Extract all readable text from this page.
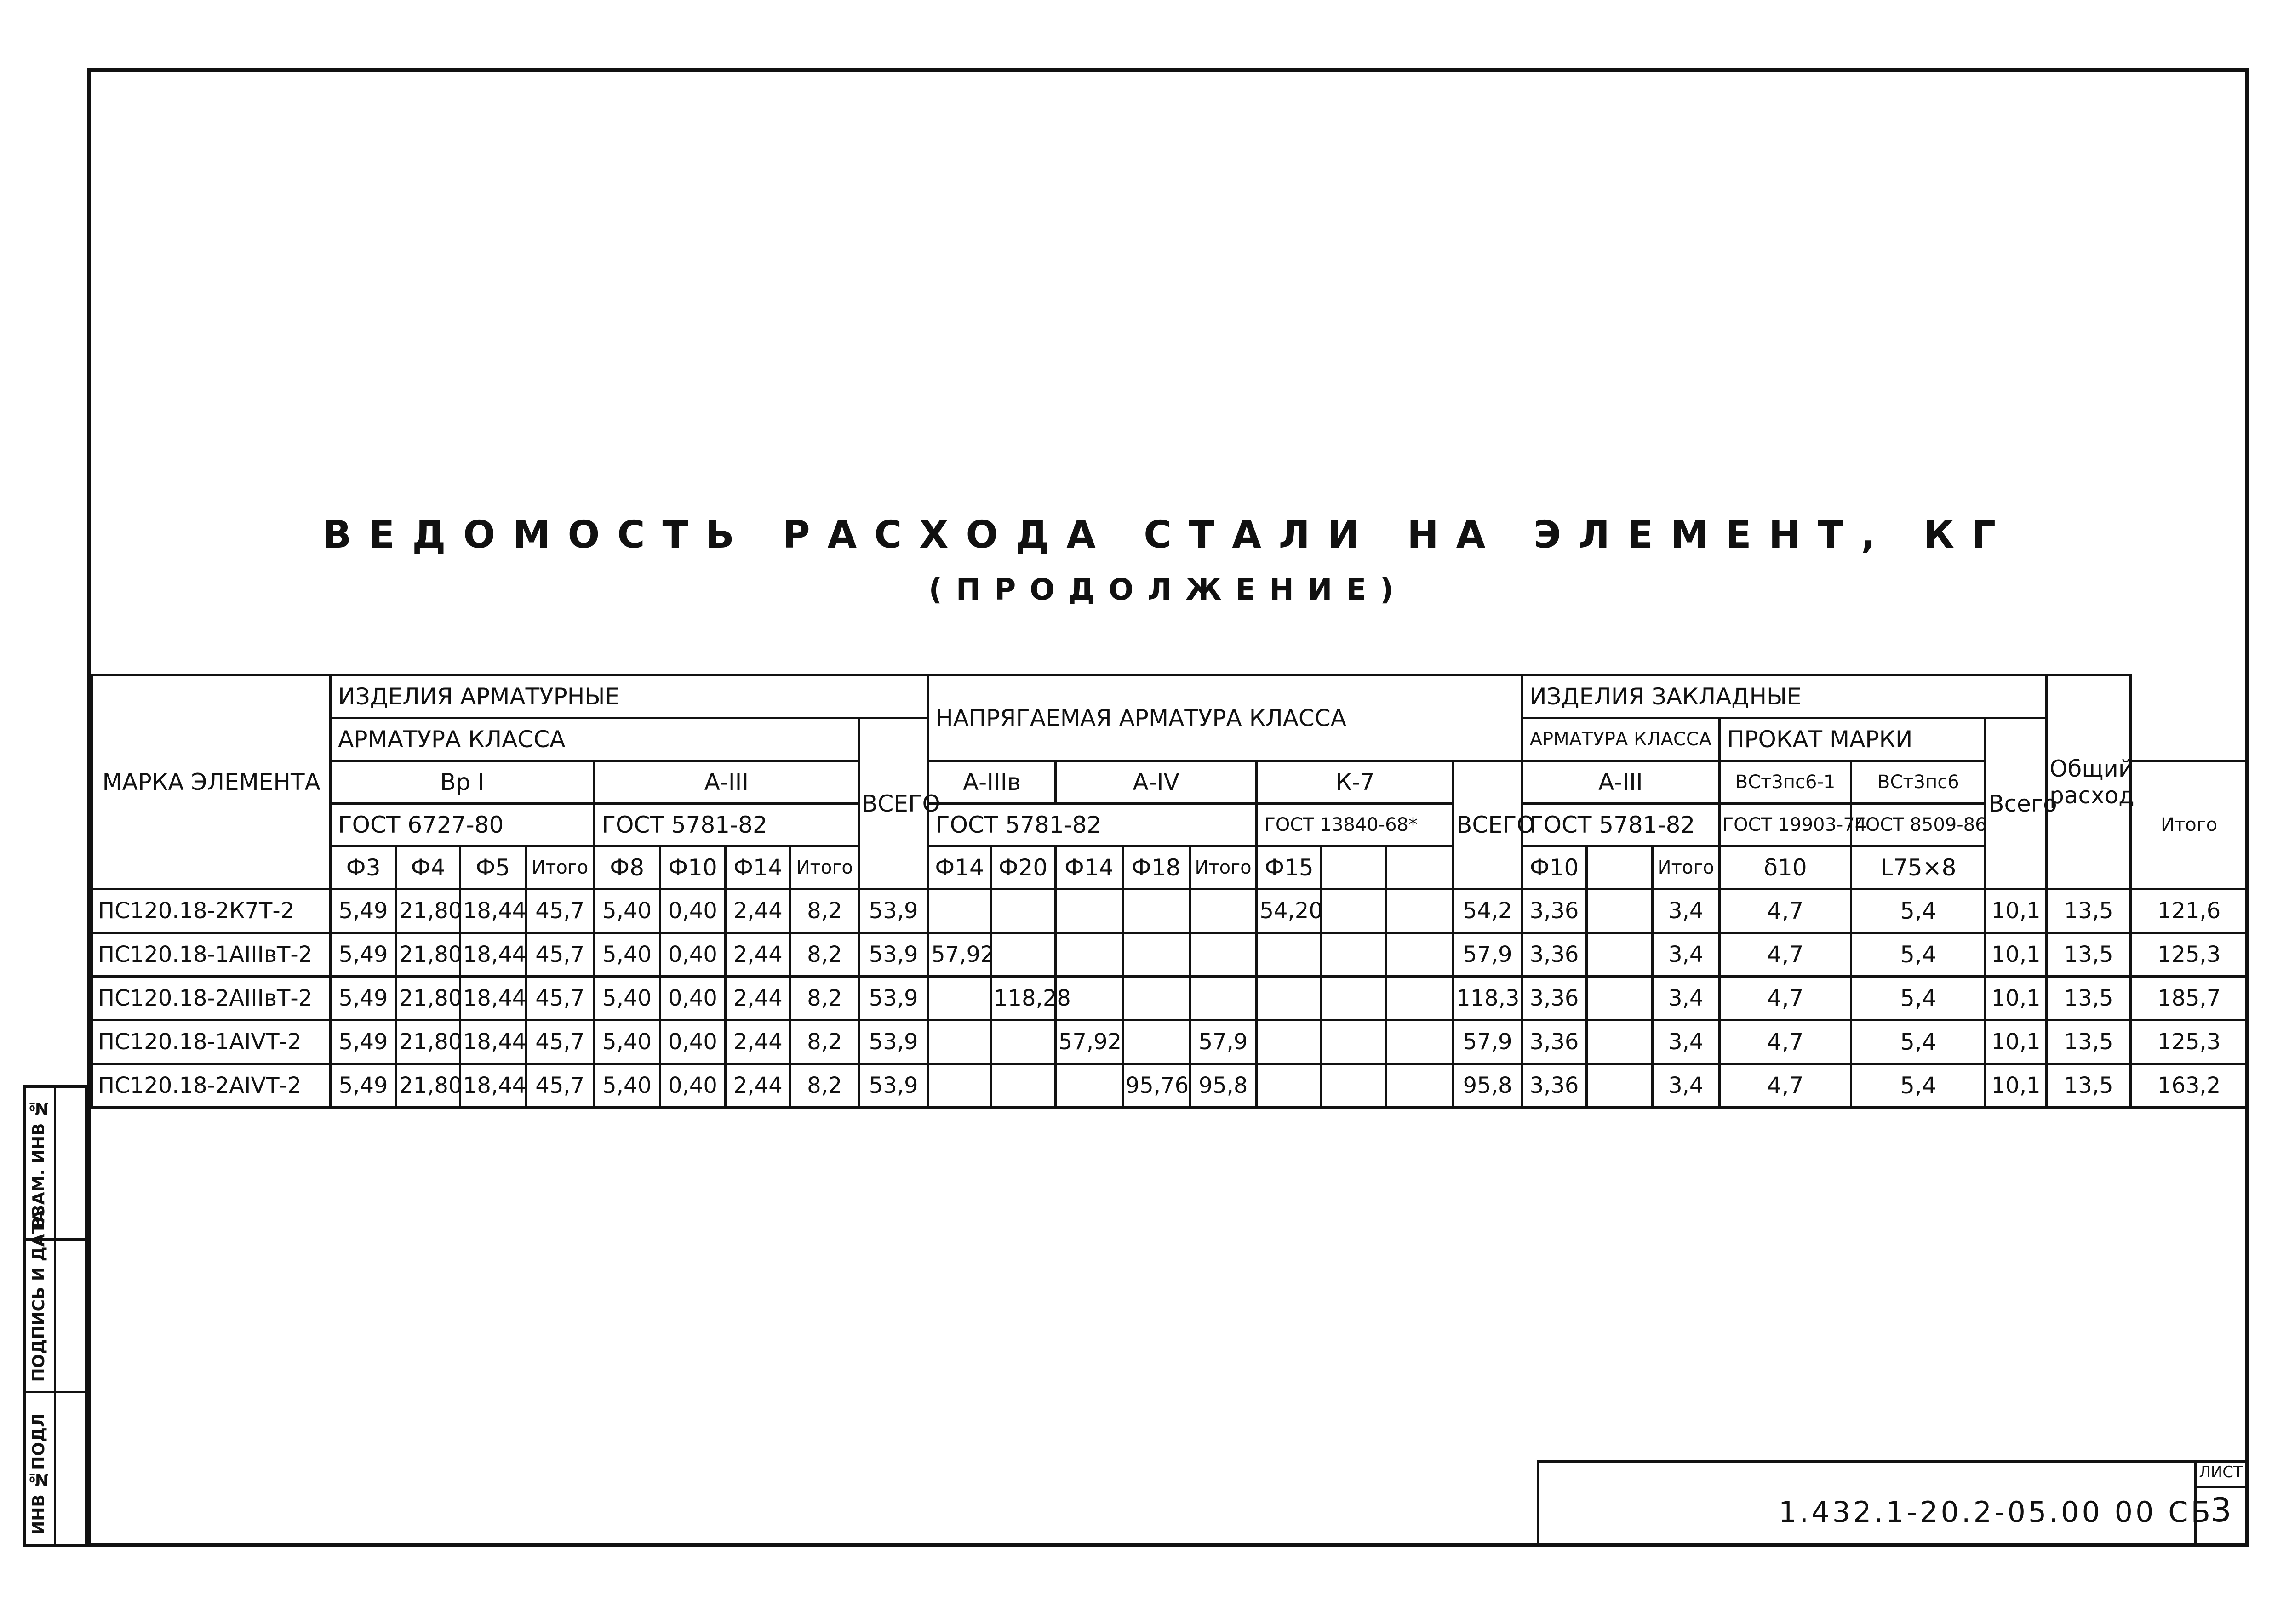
ВЗАМ. ИНВ №
ПОДПИСЬ И ДАТА
ИНВ №ПОДЛ
ВЕДОМОСТЬ РАСХОДА СТАЛИ НА ЭЛЕМЕНТ, КГ
(ПРОДОЛЖЕНИЕ)
МАРКА ЭЛЕМЕНТА	ИЗДЕЛИЯ АРМАТУРНЫЕ									НАПРЯГАЕМАЯ АРМАТУРА КЛАССА									ИЗДЕЛИЯ ЗАКЛАДНЫЕ						Общий расход	
	АРМАТУРА КЛАССА								ВСЕГО										АРМАТУРА КЛАССА			ПРОКАТ МАРКИ		Всего		
	Вр I				А-III					А-IIIв		А-IV			К-7			ВСЕГО	А-III			ВСт3пс6-1	ВСт3пс6			Итого
	ГОСТ 6727-80				ГОСТ 5781-82					ГОСТ 5781-82					ГОСТ 13840-68*				ГОСТ 5781-82			ГОСТ 19903-74	ГОСТ 8509-86			
	Ф3	Ф4	Ф5	Итого	Ф8	Ф10	Ф14	Итого		Ф14	Ф20	Ф14	Ф18	Итого	Ф15				Ф10		Итого	δ10	L75×8			
ПС120.18-2К7Т-2	5,49	21,80	18,44	45,7	5,40	0,40	2,44	8,2	53,9						54,20			54,2	3,36		3,4	4,7	5,4	10,1	13,5	121,6
ПС120.18-1АIIIвТ-2	5,49	21,80	18,44	45,7	5,40	0,40	2,44	8,2	53,9	57,92								57,9	3,36		3,4	4,7	5,4	10,1	13,5	125,3
ПС120.18-2АIIIвТ-2	5,49	21,80	18,44	45,7	5,40	0,40	2,44	8,2	53,9		118,28							118,3	3,36		3,4	4,7	5,4	10,1	13,5	185,7
ПС120.18-1АIVТ-2	5,49	21,80	18,44	45,7	5,40	0,40	2,44	8,2	53,9			57,92		57,9				57,9	3,36		3,4	4,7	5,4	10,1	13,5	125,3
ПС120.18-2АIVТ-2	5,49	21,80	18,44	45,7	5,40	0,40	2,44	8,2	53,9				95,76	95,8				95,8	3,36		3,4	4,7	5,4	10,1	13,5	163,2
1.432.1-20.2-05.00 00 СБ
ЛИСТ
3
